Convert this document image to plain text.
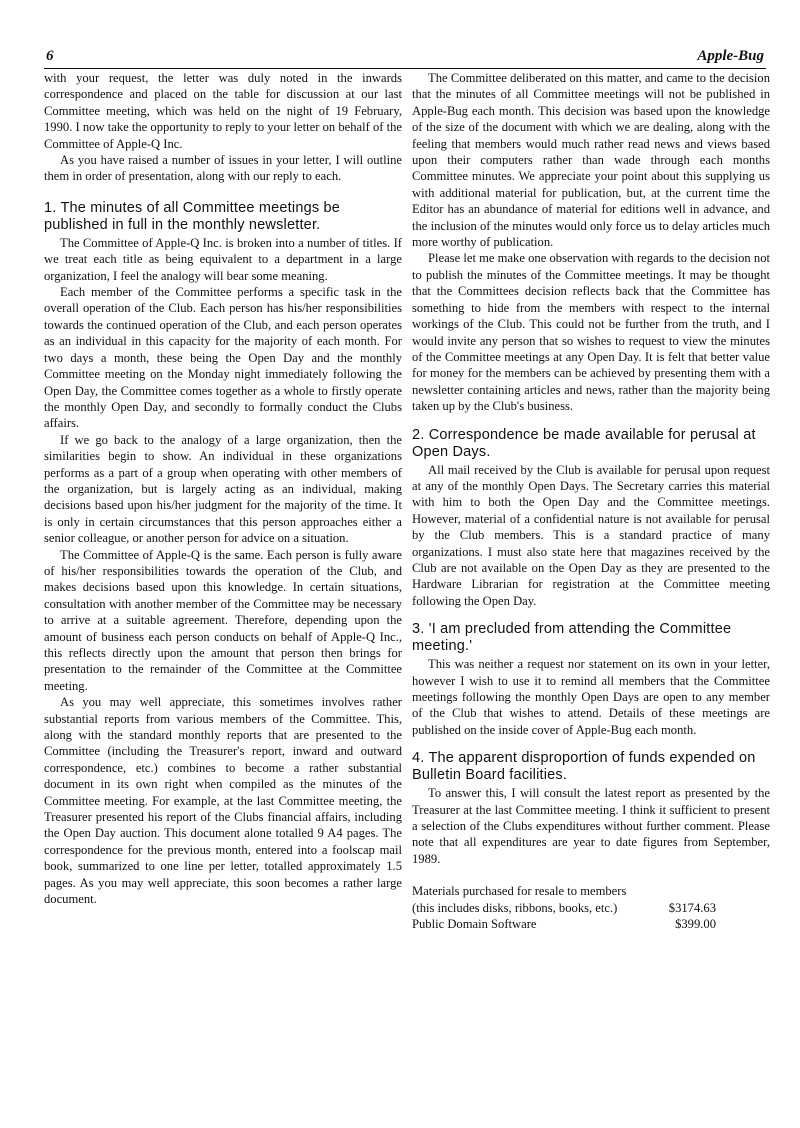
6	Apple-Bug

with your request, the letter was duly noted in the inwards correspondence and placed on the table for discussion at our last Committee meeting, which was held on the night of 19 February, 1990. I now take the opportunity to reply to your letter on behalf of the Committee of Apple-Q Inc.

As you have raised a number of issues in your letter, I will outline them in order of presentation, along with our reply to each.

1. The minutes of all Committee meetings be published in full in the monthly newsletter.

The Committee of Apple-Q Inc. is broken into a number of titles. If we treat each title as being equivalent to a department in a large organization, I feel the analogy will bear some meaning.

Each member of the Committee performs a specific task in the overall operation of the Club. Each person has his/her responsibilities towards the continued operation of the Club, and each person operates as an individual in this capacity for the majority of each month. For two days a month, these being the Open Day and the monthly Committee meeting on the Monday night immediately following the Open Day, the Committee comes together as a whole to firstly operate the monthly Open Day, and secondly to formally conduct the Clubs affairs.

If we go back to the analogy of a large organization, then the similarities begin to show. An individual in these organizations performs as a part of a group when operating with other members of the organization, but is largely acting as an individual, making decisions based upon his/her judgment for the majority of the time. It is only in certain circumstances that this person approaches either a senior colleague, or another person for advice on a situation.

The Committee of Apple-Q is the same. Each person is fully aware of his/her responsibilities towards the operation of the Club, and makes decisions based upon this knowledge. In certain situations, consultation with another member of the Committee may be necessary to arrive at a suitable agreement. Therefore, depending upon the amount of business each person conducts on behalf of Apple-Q Inc., this reflects directly upon the amount that person then brings for presentation to the remainder of the Committee at the Committee meeting.

As you may well appreciate, this sometimes involves rather substantial reports from various members of the Committee. This, along with the standard monthly reports that are presented to the Committee (including the Treasurer's report, inward and outward correspondence, etc.) combines to become a rather substantial document in its own right when compiled as the minutes of the Committee meeting. For example, at the last Committee meeting, the Treasurer presented his report of the Clubs financial affairs, including the Open Day auction. This document alone totalled 9 A4 pages. The correspondence for the previous month, entered into a foolscap mail book, summarized to one line per letter, totalled approximately 1.5 pages. As you may well appreciate, this soon becomes a rather large document.

The Committee deliberated on this matter, and came to the decision that the minutes of all Committee meetings will not be published in Apple-Bug each month. This decision was based upon the knowledge of the size of the document with which we are dealing, along with the feeling that members would much rather read news and views based upon their computers rather than wade through each months Committee minutes. We appreciate your point about this supplying us with additional material for publication, but, at the current time the Editor has an abundance of material for editions well in advance, and the inclusion of the minutes would only force us to delay articles much more worthy of publication.

Please let me make one observation with regards to the decision not to publish the minutes of the Committee meetings. It may be thought that the Committees decision reflects back that the Committee has something to hide from the members with respect to the internal workings of the Club. This could not be further from the truth, and I would invite any person that so wishes to request to view the minutes of the Committee meetings at any Open Day. It is felt that better value for money for the members can be achieved by presenting them with a newsletter containing articles and news, rather than the majority being taken up by the Club's business.

2. Correspondence be made available for perusal at Open Days.

All mail received by the Club is available for perusal upon request at any of the monthly Open Days. The Secretary carries this material with him to both the Open Day and the Committee meetings. However, material of a confidential nature is not available for perusal by the Club members. This is a standard practice of many organizations. I must also state here that magazines received by the Club are not available on the Open Day as they are presented to the Hardware Librarian for registration at the Committee meeting following the Open Day.

3. 'I am precluded from attending the Committee meeting.'

This was neither a request nor statement on its own in your letter, however I wish to use it to remind all members that the Committee meetings following the monthly Open Days are open to any member of the Club that wishes to attend. Details of these meetings are published on the inside cover of Apple-Bug each month.

4. The apparent disproportion of funds expended on Bulletin Board facilities.

To answer this, I will consult the latest report as presented by the Treasurer at the last Committee meeting. I think it sufficient to present a selection of the Clubs expenditures without further comment. Please note that all expenditures are year to date figures from September, 1989.

Materials purchased for resale to members
(this includes disks, ribbons, books, etc.)	$3174.63
Public Domain Software	$399.00
